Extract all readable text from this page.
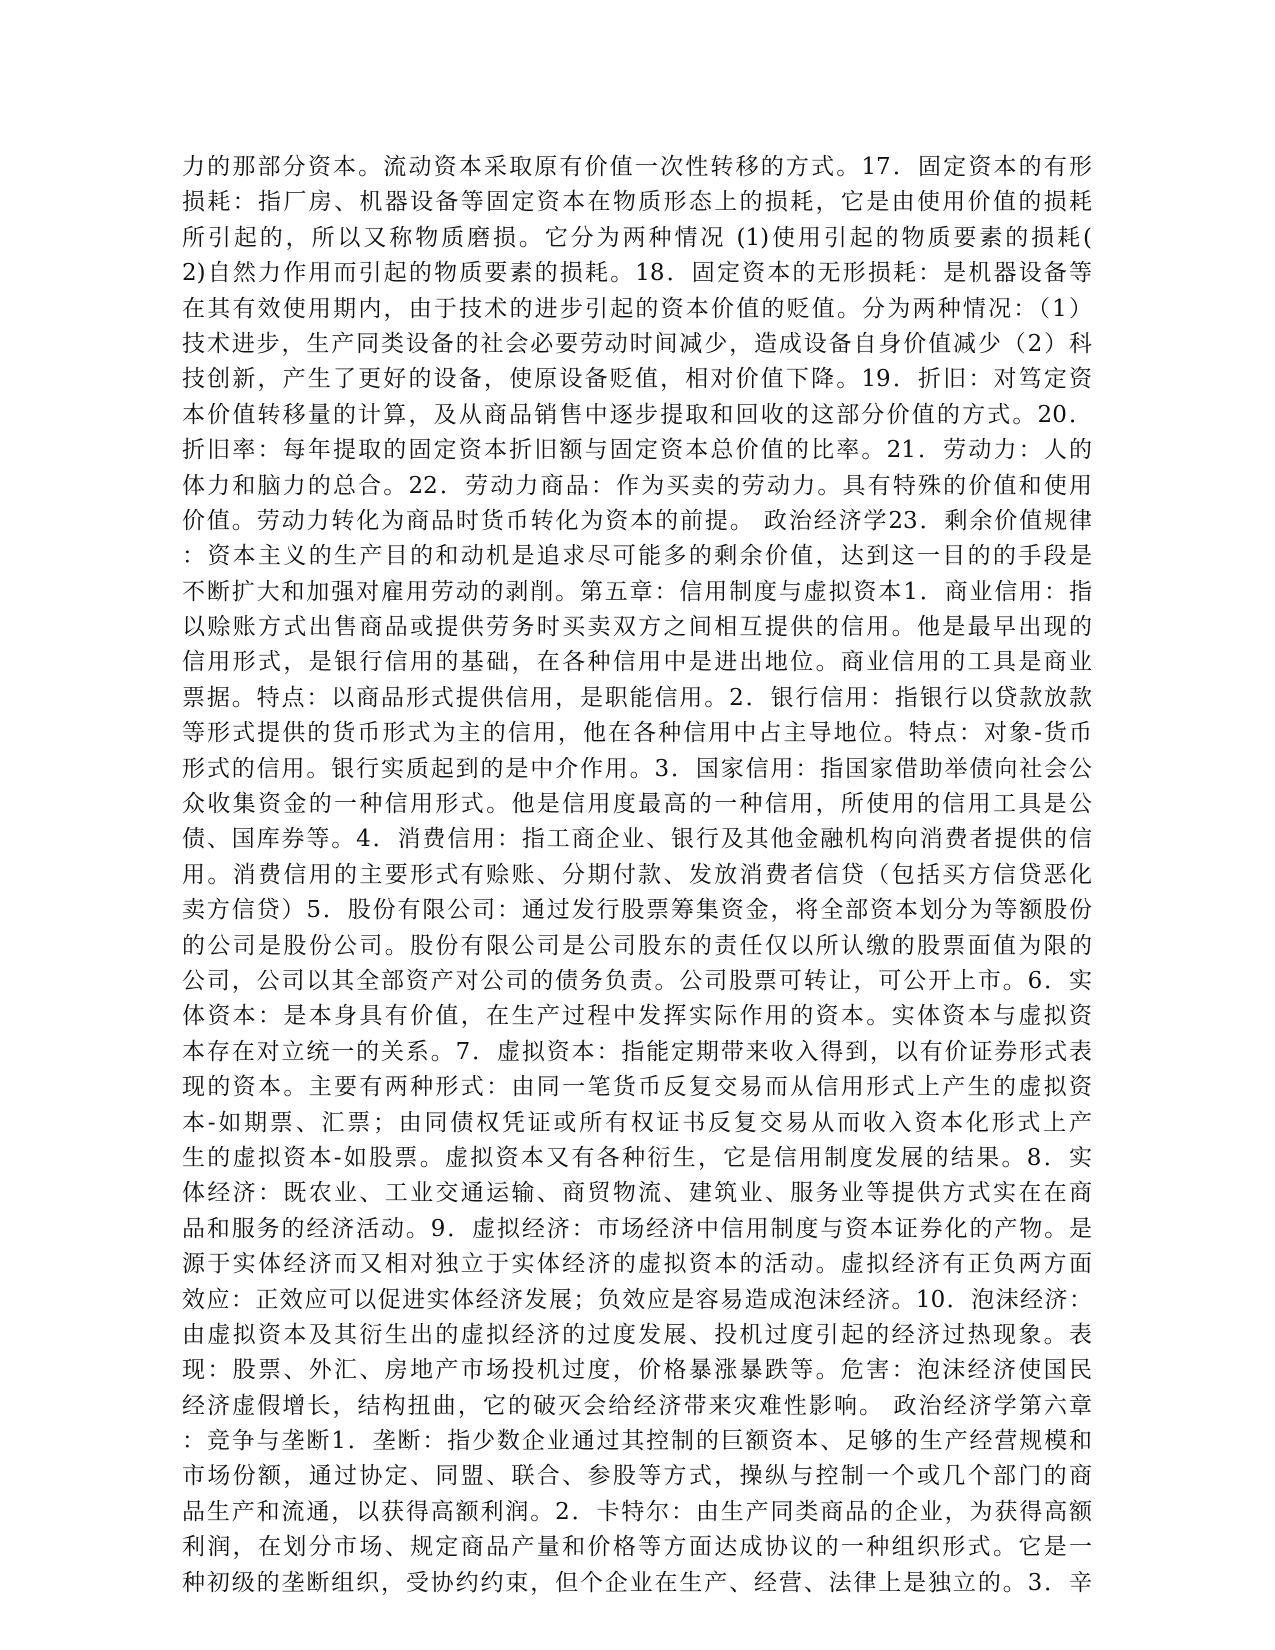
力的那部分资本。流动资本采取原有价值一次性转移的方式。17．固定资本的有形
损耗：指厂房、机器设备等固定资本在物质形态上的损耗，它是由使用价值的损耗
所引起的，所以又称物质磨损。它分为两种情况 (1)使用引起的物质要素的损耗(
2)自然力作用而引起的物质要素的损耗。18．固定资本的无形损耗：是机器设备等
在其有效使用期内，由于技术的进步引起的资本价值的贬值。分为两种情况：（1）
技术进步，生产同类设备的社会必要劳动时间减少，造成设备自身价值减少（2）科
技创新，产生了更好的设备，使原设备贬值，相对价值下降。19．折旧：对笃定资
本价值转移量的计算，及从商品销售中逐步提取和回收的这部分价值的方式。20．
折旧率：每年提取的固定资本折旧额与固定资本总价值的比率。21．劳动力：人的
体力和脑力的总合。22．劳动力商品：作为买卖的劳动力。具有特殊的价值和使用
价值。劳动力转化为商品时货币转化为资本的前提。 政治经济学23．剩余价值规律
：资本主义的生产目的和动机是追求尽可能多的剩余价值，达到这一目的的手段是
不断扩大和加强对雇用劳动的剥削。第五章：信用制度与虚拟资本1．商业信用：指
以赊账方式出售商品或提供劳务时买卖双方之间相互提供的信用。他是最早出现的
信用形式，是银行信用的基础，在各种信用中是进出地位。商业信用的工具是商业
票据。特点：以商品形式提供信用，是职能信用。2．银行信用：指银行以贷款放款
等形式提供的货币形式为主的信用，他在各种信用中占主导地位。特点：对象-货币
形式的信用。银行实质起到的是中介作用。3．国家信用：指国家借助举债向社会公
众收集资金的一种信用形式。他是信用度最高的一种信用，所使用的信用工具是公
债、国库券等。4．消费信用：指工商企业、银行及其他金融机构向消费者提供的信
用。消费信用的主要形式有赊账、分期付款、发放消费者信贷（包括买方信贷恶化
卖方信贷）5．股份有限公司：通过发行股票筹集资金，将全部资本划分为等额股份
的公司是股份公司。股份有限公司是公司股东的责任仅以所认缴的股票面值为限的
公司，公司以其全部资产对公司的债务负责。公司股票可转让，可公开上市。6．实
体资本：是本身具有价值，在生产过程中发挥实际作用的资本。实体资本与虚拟资
本存在对立统一的关系。7．虚拟资本：指能定期带来收入得到，以有价证券形式表
现的资本。主要有两种形式：由同一笔货币反复交易而从信用形式上产生的虚拟资
本-如期票、汇票；由同债权凭证或所有权证书反复交易从而收入资本化形式上产
生的虚拟资本-如股票。虚拟资本又有各种衍生，它是信用制度发展的结果。8．实
体经济：既农业、工业交通运输、商贸物流、建筑业、服务业等提供方式实在在商
品和服务的经济活动。9．虚拟经济：市场经济中信用制度与资本证券化的产物。是
源于实体经济而又相对独立于实体经济的虚拟资本的活动。虚拟经济有正负两方面
效应：正效应可以促进实体经济发展；负效应是容易造成泡沫经济。10．泡沫经济：
由虚拟资本及其衍生出的虚拟经济的过度发展、投机过度引起的经济过热现象。表
现：股票、外汇、房地产市场投机过度，价格暴涨暴跌等。危害：泡沫经济使国民
经济虚假增长，结构扭曲，它的破灭会给经济带来灾难性影响。 政治经济学第六章
：竞争与垄断1．垄断：指少数企业通过其控制的巨额资本、足够的生产经营规模和
市场份额，通过协定、同盟、联合、参股等方式，操纵与控制一个或几个部门的商
品生产和流通，以获得高额利润。2．卡特尔：由生产同类商品的企业，为获得高额
利润，在划分市场、规定商品产量和价格等方面达成协议的一种组织形式。它是一
种初级的垄断组织，受协约约束，但个企业在生产、经营、法律上是独立的。3．辛
